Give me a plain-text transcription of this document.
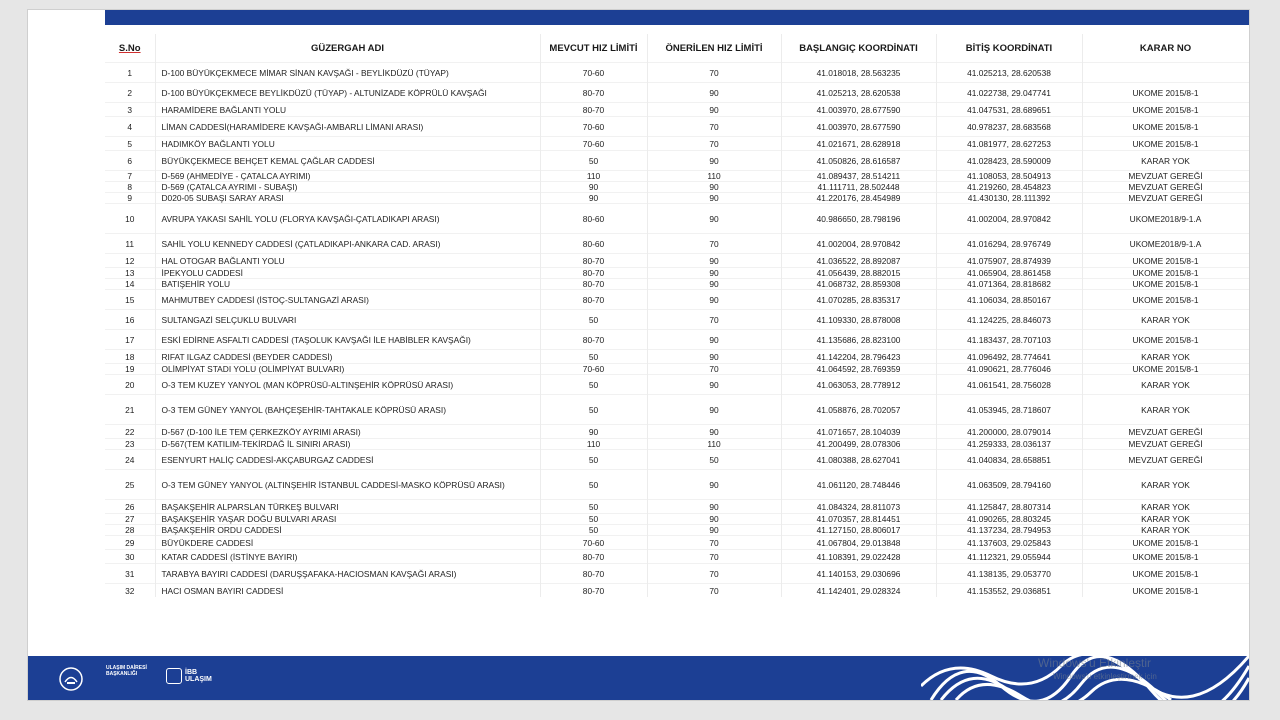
S.No	GÜZERGAH ADI	MEVCUT HIZ LİMİTİ	ÖNERİLEN HIZ LİMİTİ	BAŞLANGIÇ KOORDİNATI	BİTİŞ KOORDİNATI	KARAR NO
1	D-100 BÜYÜKÇEKMECE MİMAR SİNAN KAVŞAĞI - BEYLİKDÜZÜ (TÜYAP)	70-60	70	41.018018, 28.563235	41.025213, 28.620538	
2	D-100 BÜYÜKÇEKMECE BEYLİKDÜZÜ (TÜYAP) - ALTUNİZADE KÖPRÜLÜ KAVŞAĞI	80-70	90	41.025213, 28.620538	41.022738, 29.047741	UKOME 2015/8-1
3	HARAMİDERE BAĞLANTI YOLU	80-70	90	41.003970, 28.677590	41.047531, 28.689651	UKOME 2015/8-1
4	LİMAN CADDESİ(HARAMİDERE KAVŞAĞI-AMBARLI LİMANI ARASI)	70-60	70	41.003970, 28.677590	40.978237, 28.683568	UKOME 2015/8-1
5	HADIMKÖY BAĞLANTI YOLU	70-60	70	41.021671, 28.628918	41.081977, 28.627253	UKOME 2015/8-1
6	BÜYÜKÇEKMECE BEHÇET KEMAL ÇAĞLAR CADDESİ	50	90	41.050826, 28.616587	41.028423, 28.590009	KARAR YOK
7	D-569 (AHMEDİYE - ÇATALCA AYRIMI)	110	110	41.089437, 28.514211	41.108053, 28.504913	MEVZUAT GEREĞİ
8	D-569 (ÇATALCA AYRIMI - SUBAŞI)	90	90	41.111711, 28.502448	41.219260, 28.454823	MEVZUAT GEREĞİ
9	D020-05 SUBAŞI SARAY ARASI	90	90	41.220176, 28.454989	41.430130, 28.111392	MEVZUAT GEREĞİ
10	AVRUPA YAKASI SAHİL YOLU (FLORYA KAVŞAĞI-ÇATLADIKAPI ARASI)	80-60	90	40.986650, 28.798196	41.002004, 28.970842	UKOME2018/9-1.A
11	SAHİL YOLU KENNEDY CADDESİ (ÇATLADIKAPI-ANKARA CAD. ARASI)	80-60	70	41.002004, 28.970842	41.016294, 28.976749	UKOME2018/9-1.A
12	HAL OTOGAR BAĞLANTI YOLU	80-70	90	41.036522, 28.892087	41.075907, 28.874939	UKOME 2015/8-1
13	İPEKYOLU CADDESİ	80-70	90	41.056439, 28.882015	41.065904, 28.861458	UKOME 2015/8-1
14	BATIŞEHİR YOLU	80-70	90	41.068732, 28.859308	41.071364, 28.818682	UKOME 2015/8-1
15	MAHMUTBEY CADDESİ (İSTOÇ-SULTANGAZİ ARASI)	80-70	90	41.070285, 28.835317	41.106034, 28.850167	UKOME 2015/8-1
16	SULTANGAZİ SELÇUKLU BULVARI	50	70	41.109330, 28.878008	41.124225, 28.846073	KARAR YOK
17	ESKİ EDİRNE ASFALTI CADDESİ (TAŞOLUK KAVŞAĞI İLE HABİBLER KAVŞAĞI)	80-70	90	41.135686, 28.823100	41.183437, 28.707103	UKOME 2015/8-1
18	RIFAT ILGAZ CADDESİ (BEYDER CADDESİ)	50	90	41.142204, 28.796423	41.096492, 28.774641	KARAR YOK
19	OLİMPİYAT STADI YOLU (OLİMPİYAT BULVARI)	70-60	70	41.064592, 28.769359	41.090621, 28.776046	UKOME 2015/8-1
20	O-3 TEM KUZEY YANYOL (MAN KÖPRÜSÜ-ALTINŞEHİR KÖPRÜSÜ ARASI)	50	90	41.063053, 28.778912	41.061541, 28.756028	KARAR YOK
21	O-3 TEM GÜNEY YANYOL (BAHÇEŞEHİR-TAHTAKALE KÖPRÜSÜ ARASI)	50	90	41.058876, 28.702057	41.053945, 28.718607	KARAR YOK
22	D-567 (D-100 İLE TEM ÇERKEZKÖY AYRIMI ARASI)	90	90	41.071657, 28.104039	41.200000, 28.079014	MEVZUAT GEREĞİ
23	D-567(TEM KATILIM-TEKİRDAĞ İL SINIRI ARASI)	110	110	41.200499, 28.078306	41.259333, 28.036137	MEVZUAT GEREĞİ
24	ESENYURT HALİÇ CADDESİ-AKÇABURGAZ CADDESİ	50	50	41.080388, 28.627041	41.040834, 28.658851	MEVZUAT GEREĞİ
25	O-3 TEM GÜNEY YANYOL (ALTINŞEHİR İSTANBUL CADDESİ-MASKO KÖPRÜSÜ ARASI)	50	90	41.061120, 28.748446	41.063509, 28.794160	KARAR YOK
26	BAŞAKŞEHİR ALPARSLAN TÜRKEŞ BULVARI	50	90	41.084324, 28.811073	41.125847, 28.807314	KARAR YOK
27	BAŞAKŞEHİR YAŞAR DOĞU BULVARI ARASI	50	90	41.070357, 28.814451	41.090265, 28.803245	KARAR YOK
28	BAŞAKŞEHİR ORDU CADDESİ	50	90	41.127150, 28.806017	41.137234, 28.794953	KARAR YOK
29	BÜYÜKDERE CADDESİ	70-60	70	41.067804, 29.013848	41.137603, 29.025843	UKOME 2015/8-1
30	KATAR CADDESİ (İSTİNYE BAYIRI)	80-70	70	41.108391, 29.022428	41.112321, 29.055944	UKOME 2015/8-1
31	TARABYA BAYIRI CADDESİ (DARUŞŞAFAKA-HACIOSMAN KAVŞAĞI ARASI)	80-70	70	41.140153, 29.030696	41.138135, 29.053770	UKOME 2015/8-1
32	HACI OSMAN BAYIRI CADDESİ	80-70	70	41.142401, 29.028324	41.153552, 29.036851	UKOME 2015/8-1
ULAŞIM DAİRESİ BAŞKANLIĞI	İBB
ULAŞIM
Windows'u Etkinleştir
Windows'u etkinleştirmek için
